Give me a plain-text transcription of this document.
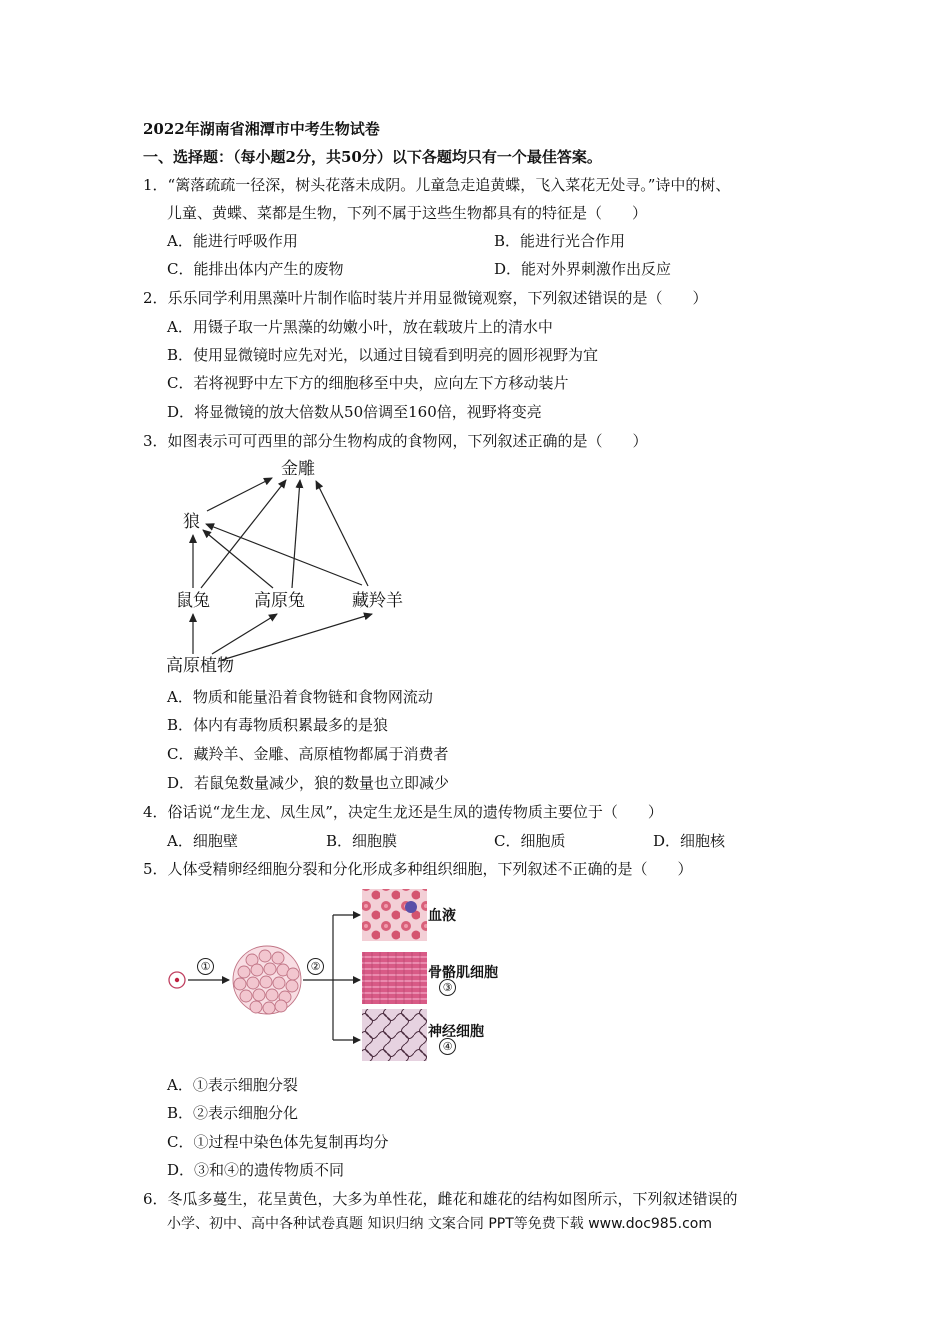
2022年湖南省湘潭市中考生物试卷
一、选择题：（每小题2分，共50分）以下各题均只有一个最佳答案。
1．“篱落疏疏一径深，树头花落未成阴。儿童急走追黄蝶，飞入菜花无处寻。”诗中的树、
儿童、黄蝶、菜都是生物，下列不属于这些生物都具有的特征是（　　）
A．能进行呼吸作用	B．能进行光合作用
C．能排出体内产生的废物	D．能对外界刺激作出反应
2．乐乐同学利用黑藻叶片制作临时装片并用显微镜观察，下列叙述错误的是（　　）
A．用镊子取一片黑藻的幼嫩小叶，放在载玻片上的清水中
B．使用显微镜时应先对光，以通过目镜看到明亮的圆形视野为宜
C．若将视野中左下方的细胞移至中央，应向左下方移动装片
D．将显微镜的放大倍数从50倍调至160倍，视野将变亮
3．如图表示可可西里的部分生物构成的食物网，下列叙述正确的是（　　）
金雕
狼
鼠兔	高原兔	藏羚羊
高原植物
A．物质和能量沿着食物链和食物网流动
B．体内有毒物质积累最多的是狼
C．藏羚羊、金雕、高原植物都属于消费者
D．若鼠兔数量减少，狼的数量也立即减少
4．俗话说“龙生龙、凤生凤”，决定生龙还是生凤的遗传物质主要位于（　　）
A．细胞壁	B．细胞膜	C．细胞质	D．细胞核
5．人体受精卵经细胞分裂和分化形成多种组织细胞，下列叙述不正确的是（　　）
①	②
血液
骨骼肌细胞
③
神经细胞
④
A．①表示细胞分裂
B．②表示细胞分化
C．①过程中染色体先复制再均分
D．③和④的遗传物质不同
6．冬瓜多蔓生，花呈黄色，大多为单性花，雌花和雄花的结构如图所示，下列叙述错误的
小学、初中、高中各种试卷真题 知识归纳 文案合同 PPT等免费下载 www.doc985.com
